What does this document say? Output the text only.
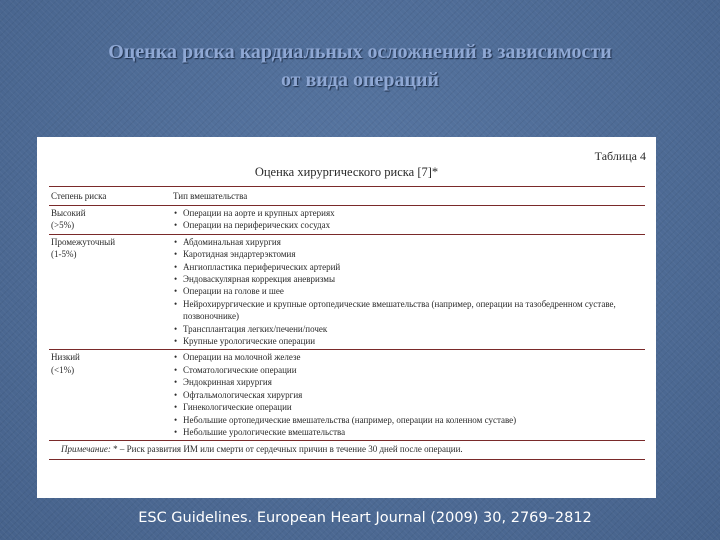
Оценка риска кардиальных осложнений в зависимости
от вида операций
Таблица 4
Оценка хирургического риска [7]*
Степень риска	Тип вмешательства
Высокий
(>5%)
• Операции на аорте и крупных артериях
• Операции на периферических сосудах
Промежуточный
(1-5%)
• Абдоминальная хирургия
• Каротидная эндартерэктомия
• Ангиопластика периферических артерий
• Эндоваскулярная коррекция аневризмы
• Операции на голове и шее
• Нейрохирургические и крупные ортопедические вмешательства (например, операции на тазобедренном суставе, позвоночнике)
• Трансплантация легких/печени/почек
• Крупные урологические операции
Низкий
(<1%)
• Операции на молочной железе
• Стоматологические операции
• Эндокринная хирургия
• Офтальмологическая хирургия
• Гинекологические операции
• Небольшие ортопедические вмешательства (например, операции на коленном суставе)
• Небольшие урологические вмешательства
Примечание: * – Риск развития ИМ или смерти от сердечных причин в течение 30 дней после операции.
ESC Guidelines. European Heart Journal (2009) 30, 2769–2812
